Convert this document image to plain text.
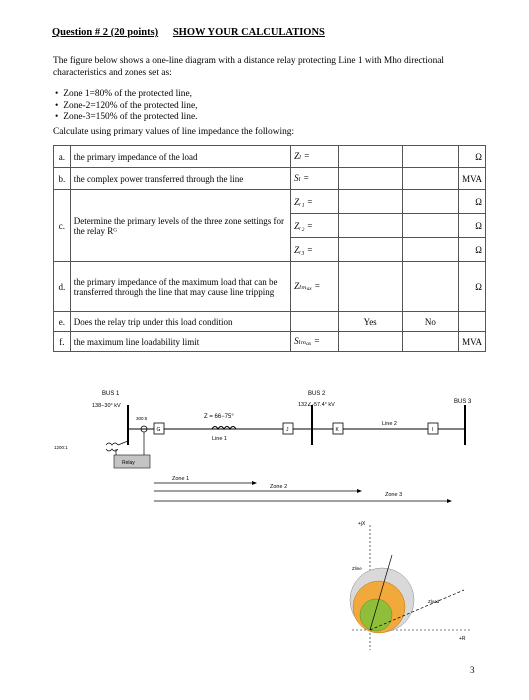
Question # 2 (20 points) SHOW YOUR CALCULATIONS
The figure below shows a one-line diagram with a distance relay protecting Line 1 with Mho directional characteristics and zones set as:
• Zone 1=80% of the protected line,
• Zone-2=120% of the protected line,
• Zone-3=150% of the protected line.
Calculate using primary values of line impedance the following:
a.	the primary impedance of the load	Zₗ =			Ω
b.	the complex power transferred through the line	Sₗ =			MVA
c.	Determine the primary levels of the three zone settings for the relay Rᴳ	Zᵣ₁ =			Ω
		Zᵣ₂ =			Ω
		Zᵣ₃ =			Ω
d.	the primary impedance of the maximum load that can be transferred through the line that may cause line tripping	Zₗₘₐₓ =			Ω
e.	Does the relay trip under this load condition		Yes	No	
f.	the maximum line loadability limit	Sₗₘₐₓ =			MVA
BUS 1
138−30° kV
BUS 2
132∠-57.4° kV	BUS 3
Z = 66−75°
Line 1
Line 2
G	J	K	I
300:5
1200:1
Relay
Zone 1
Zone 2
Zone 3
+jX
+R
Zline
Zload
3
